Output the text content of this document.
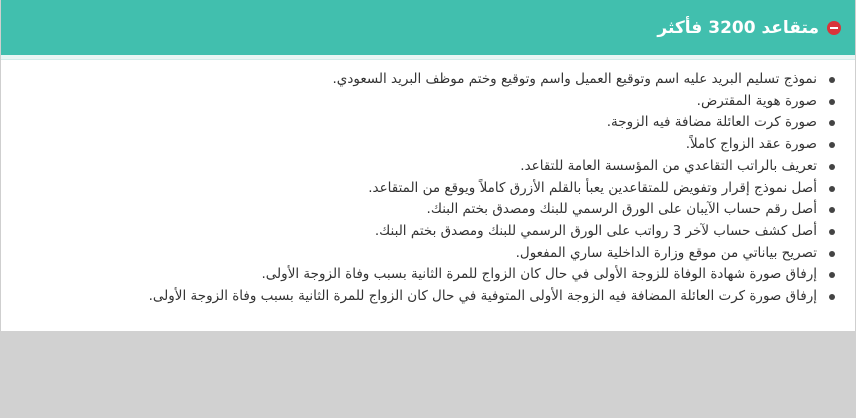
متقاعد 3200 فأكثر
نموذج تسليم البريد عليه اسم وتوقيع العميل واسم وتوقيع وختم موظف البريد السعودي.
صورة هوية المقترض.
صورة كرت العائلة مضافة فيه الزوجة.
صورة عقد الزواج كاملاً.
تعريف بالراتب التقاعدي من المؤسسة العامة للتقاعد.
أصل نموذج إقرار وتفويض للمتقاعدين يعبأ بالقلم الأزرق كاملاً ويوقع من المتقاعد.
أصل رقم حساب الآيبان على الورق الرسمي للبنك ومصدق بختم البنك.
أصل كشف حساب لآخر 3 رواتب على الورق الرسمي للبنك ومصدق بختم البنك.
تصريح بياناتي من موقع وزارة الداخلية ساري المفعول.
إرفاق صورة شهادة الوفاة للزوجة الأولى في حال كان الزواج للمرة الثانية بسبب وفاة الزوجة الأولى.
إرفاق صورة كرت العائلة المضافة فيه الزوجة الأولى المتوفية في حال كان الزواج للمرة الثانية بسبب وفاة الزوجة الأولى.
